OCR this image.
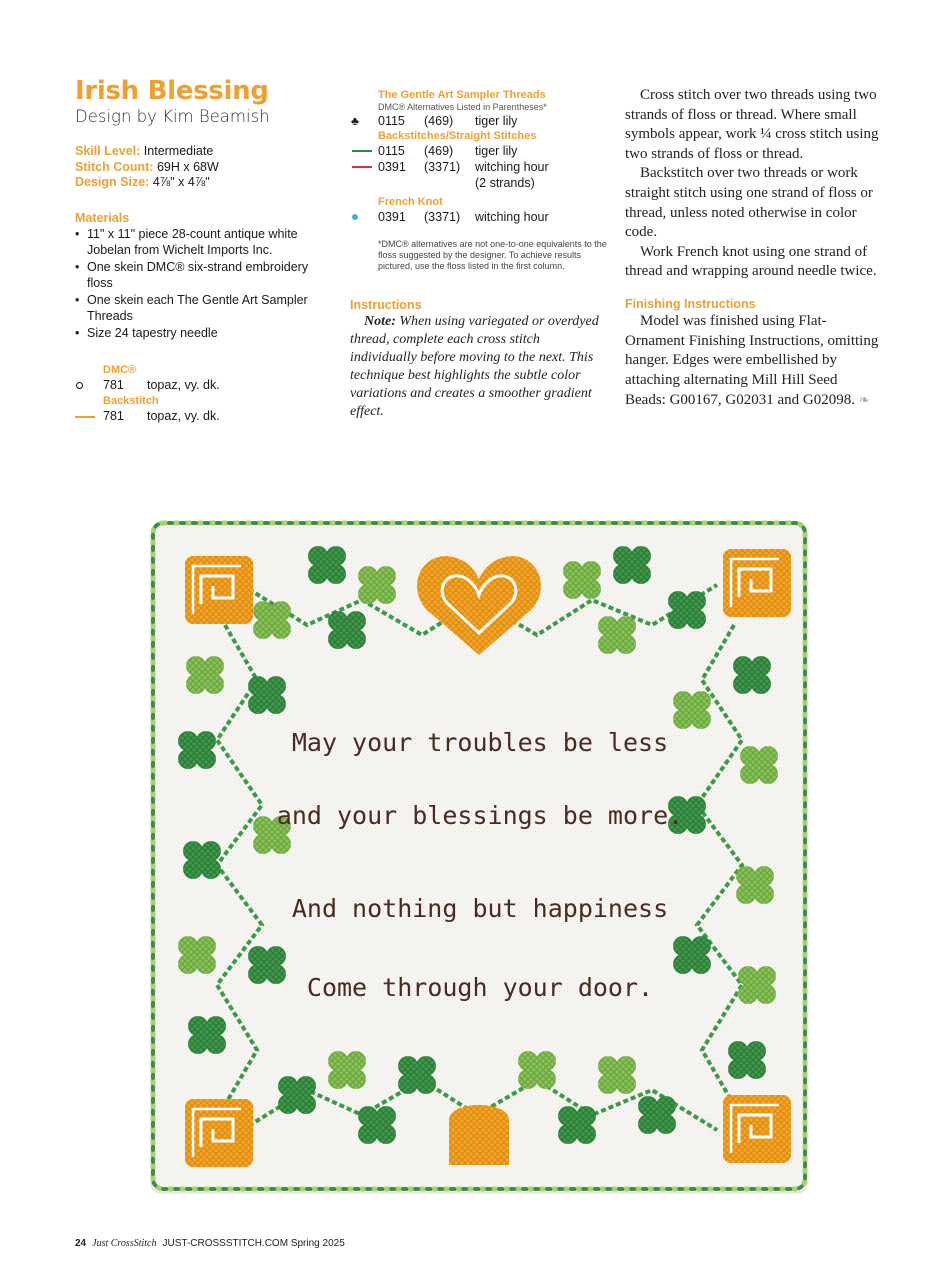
Irish Blessing
Design by Kim Beamish
Skill Level: Intermediate
Stitch Count: 69H x 68W
Design Size: 4⅞" x 4⅞"
Materials
• 11" x 11" piece 28-count antique white Jobelan from Wichelt Imports Inc.
• One skein DMC® six-strand embroidery floss
• One skein each The Gentle Art Sampler Threads
• Size 24 tapestry needle
DMC®
781	topaz, vy. dk.
Backstitch
781	topaz, vy. dk.
The Gentle Art Sampler Threads
DMC® Alternatives Listed in Parentheses*
♣ 0115	(469)	tiger lily
Backstitches/Straight Stitches
0115	(469)	tiger lily
0391	(3371)	witching hour
(2 strands)
French Knot
0391	(3371)	witching hour
*DMC® alternatives are not one-to-one equivalents to the floss suggested by the designer. To achieve results pictured, use the floss listed in the first column.
Instructions
Note: When using variegated or overdyed thread, complete each cross stitch individually before moving to the next. This technique best highlights the subtle color variations and creates a smoother gradient effect.

Cross stitch over two threads using two strands of floss or thread. Where small symbols appear, work ¼ cross stitch using two strands of floss or thread.

Backstitch over two threads or work straight stitch using one strand of floss or thread, unless noted otherwise in color code.

Work French knot using one strand of thread and wrapping around needle twice.

Finishing Instructions

Model was finished using Flat-Ornament Finishing Instructions, omitting hanger. Edges were embellished by attaching alternating Mill Hill Seed Beads: G00167, G02031 and G02098. ❧

May your troubles be less
and your blessings be more.
And nothing but happiness
Come through your door.
24 Just CrossStitch JUST-CROSSSTITCH.COM Spring 2025
